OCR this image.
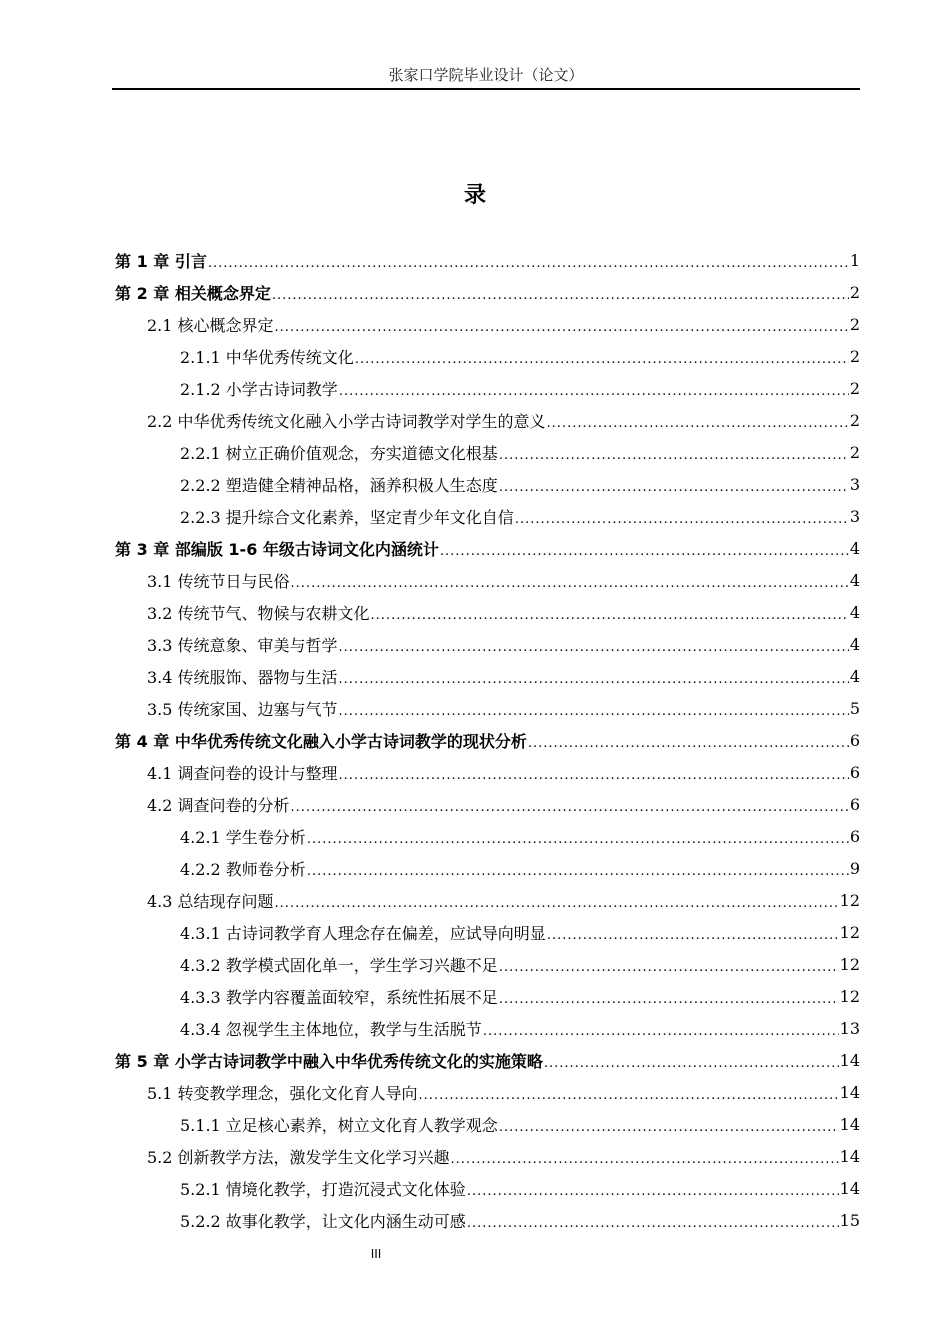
张家口学院毕业设计（论文）
录
第 1 章 引言 .....	1
第 2 章 相关概念界定 .....	2
2.1 核心概念界定 .....	2
2.1.1 中华优秀传统文化 .....	2
2.1.2 小学古诗词教学 .....	2
2.2 中华优秀传统文化融入小学古诗词教学对学生的意义 .....	2
2.2.1 树立正确价值观念，夯实道德文化根基 .....	2
2.2.2 塑造健全精神品格，涵养积极人生态度 .....	3
2.2.3 提升综合文化素养，坚定青少年文化自信 .....	3
第 3 章 部编版 1-6 年级古诗词文化内涵统计 .....	4
3.1 传统节日与民俗 .....	4
3.2 传统节气、物候与农耕文化 .....	4
3.3 传统意象、审美与哲学 .....	4
3.4 传统服饰、器物与生活 .....	4
3.5 传统家国、边塞与气节 .....	5
第 4 章 中华优秀传统文化融入小学古诗词教学的现状分析 .....	6
4.1 调查问卷的设计与整理 .....	6
4.2 调查问卷的分析 .....	6
4.2.1 学生卷分析 .....	6
4.2.2 教师卷分析 .....	9
4.3 总结现存问题 .....	12
4.3.1 古诗词教学育人理念存在偏差，应试导向明显 .....	12
4.3.2 教学模式固化单一，学生学习兴趣不足 .....	12
4.3.3 教学内容覆盖面较窄，系统性拓展不足 .....	12
4.3.4 忽视学生主体地位，教学与生活脱节 .....	13
第 5 章 小学古诗词教学中融入中华优秀传统文化的实施策略 .....	14
5.1 转变教学理念，强化文化育人导向 .....	14
5.1.1 立足核心素养，树立文化育人教学观念 .....	14
5.2 创新教学方法，激发学生文化学习兴趣 .....	14
5.2.1 情境化教学，打造沉浸式文化体验 .....	14
5.2.2 故事化教学，让文化内涵生动可感 .....	15
III
